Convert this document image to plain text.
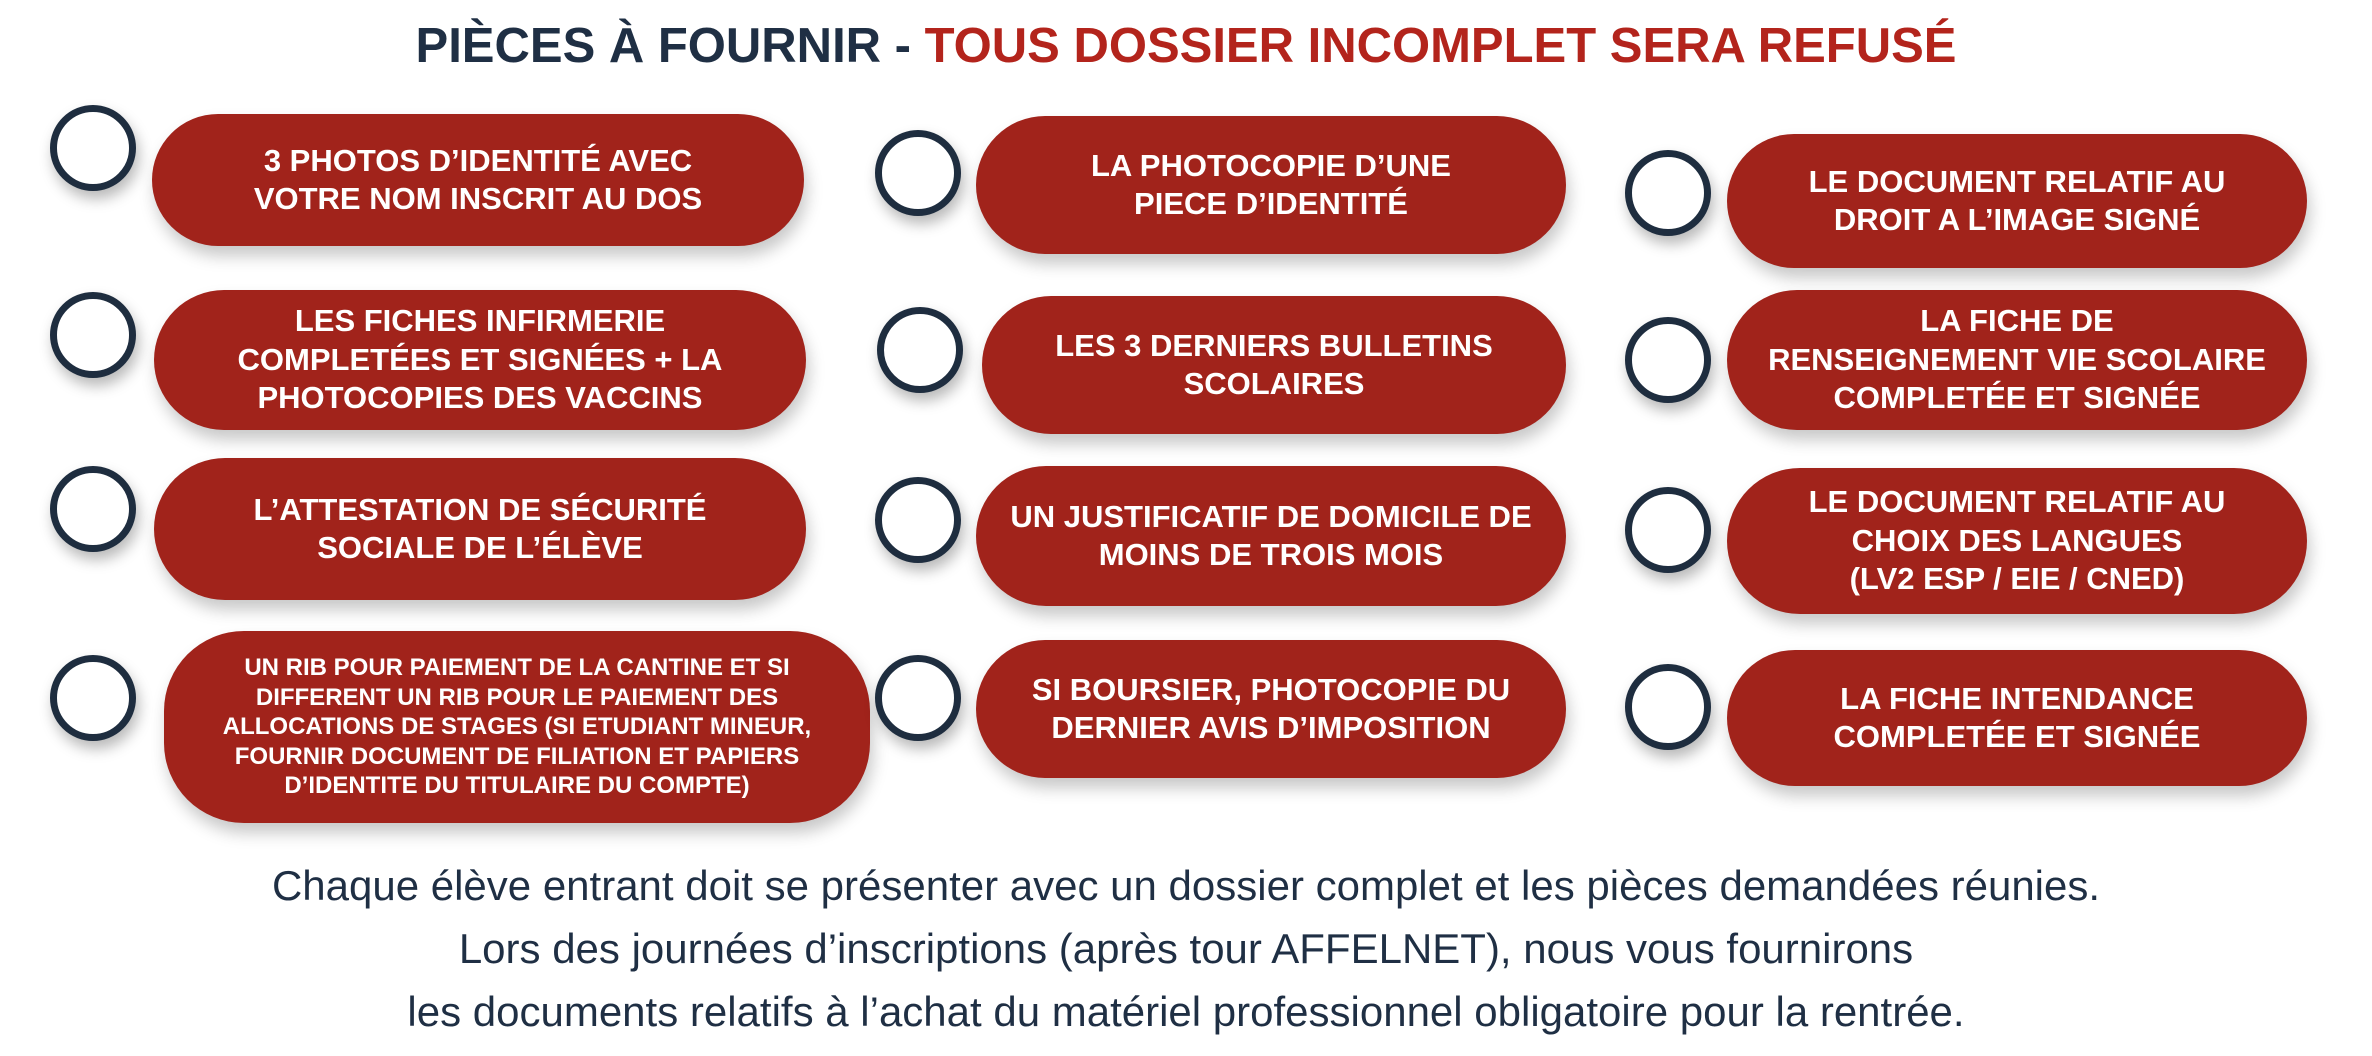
PIÈCES À FOURNIR - TOUS DOSSIER INCOMPLET SERA REFUSÉ
3 PHOTOS D’IDENTITÉ AVEC
VOTRE NOM INSCRIT AU DOS
LA PHOTOCOPIE D’UNE
PIECE D’IDENTITÉ
LE DOCUMENT RELATIF AU
DROIT A L’IMAGE SIGNÉ
LES FICHES INFIRMERIE
COMPLETÉES ET SIGNÉES + LA
PHOTOCOPIES DES VACCINS
LES 3 DERNIERS BULLETINS
SCOLAIRES
LA FICHE DE
RENSEIGNEMENT VIE SCOLAIRE
COMPLETÉE ET SIGNÉE
L’ATTESTATION DE SÉCURITÉ
SOCIALE DE L’ÉLÈVE
UN JUSTIFICATIF DE DOMICILE DE
MOINS DE TROIS MOIS
LE DOCUMENT RELATIF AU
CHOIX DES LANGUES
(LV2 ESP / EIE / CNED)
UN RIB POUR PAIEMENT DE LA CANTINE ET SI
DIFFERENT UN RIB POUR LE PAIEMENT DES
ALLOCATIONS DE STAGES (SI ETUDIANT MINEUR,
FOURNIR DOCUMENT DE FILIATION ET PAPIERS
D’IDENTITE DU TITULAIRE DU COMPTE)
SI BOURSIER, PHOTOCOPIE DU
DERNIER AVIS D’IMPOSITION
LA FICHE INTENDANCE
COMPLETÉE ET SIGNÉE
Chaque élève entrant doit se présenter avec un dossier complet et les pièces demandées réunies.
Lors des journées d’inscriptions (après tour AFFELNET), nous vous fournirons
les documents relatifs à l’achat du matériel professionnel obligatoire pour la rentrée.
